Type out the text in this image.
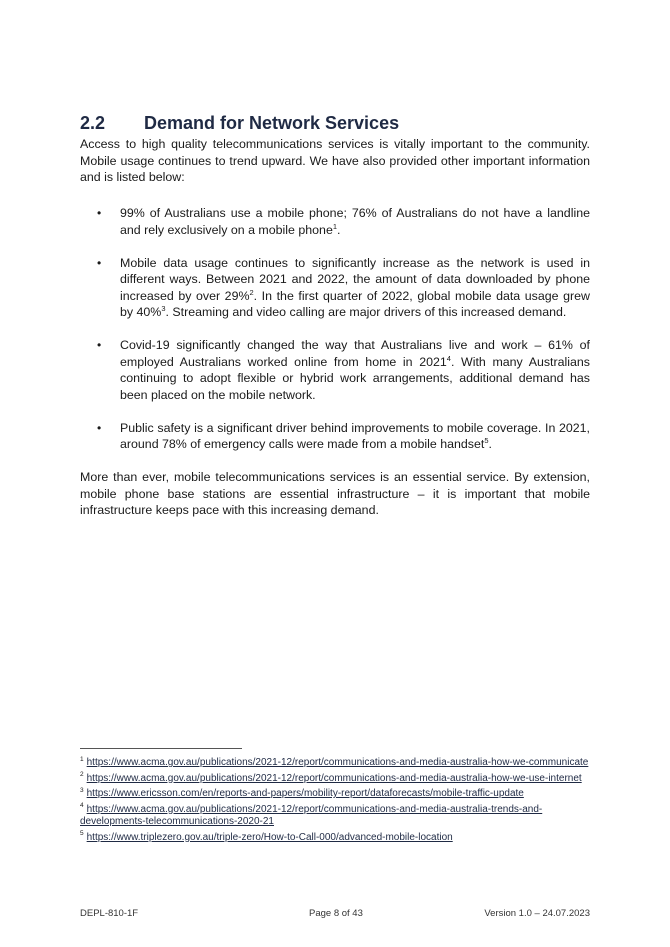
2.2 Demand for Network Services
Access to high quality telecommunications services is vitally important to the community. Mobile usage continues to trend upward. We have also provided other important information and is listed below:
• 99% of Australians use a mobile phone; 76% of Australians do not have a landline and rely exclusively on a mobile phone$^1$.
• Mobile data usage continues to significantly increase as the network is used in different ways. Between 2021 and 2022, the amount of data downloaded by phone increased by over 29%$^2$. In the first quarter of 2022, global mobile data usage grew by 40%$^3$. Streaming and video calling are major drivers of this increased demand.
• Covid-19 significantly changed the way that Australians live and work – 61% of employed Australians worked online from home in 2021$^4$. With many Australians continuing to adopt flexible or hybrid work arrangements, additional demand has been placed on the mobile network.
• Public safety is a significant driver behind improvements to mobile coverage. In 2021, around 78% of emergency calls were made from a mobile handset$^5$.
More than ever, mobile telecommunications services is an essential service. By extension, mobile phone base stations are essential infrastructure – it is important that mobile infrastructure keeps pace with this increasing demand.
$^1$ https://www.acma.gov.au/publications/2021-12/report/communications-and-media-australia-how-we-communicate
$^2$ https://www.acma.gov.au/publications/2021-12/report/communications-and-media-australia-how-we-use-internet
$^3$ https://www.ericsson.com/en/reports-and-papers/mobility-report/dataforecasts/mobile-traffic-update
$^4$ https://www.acma.gov.au/publications/2021-12/report/communications-and-media-australia-trends-and-developments-telecommunications-2020-21
$^5$ https://www.triplezero.gov.au/triple-zero/How-to-Call-000/advanced-mobile-location
DEPL-810-1F	Page 8 of 43	Version 1.0 – 24.07.2023
